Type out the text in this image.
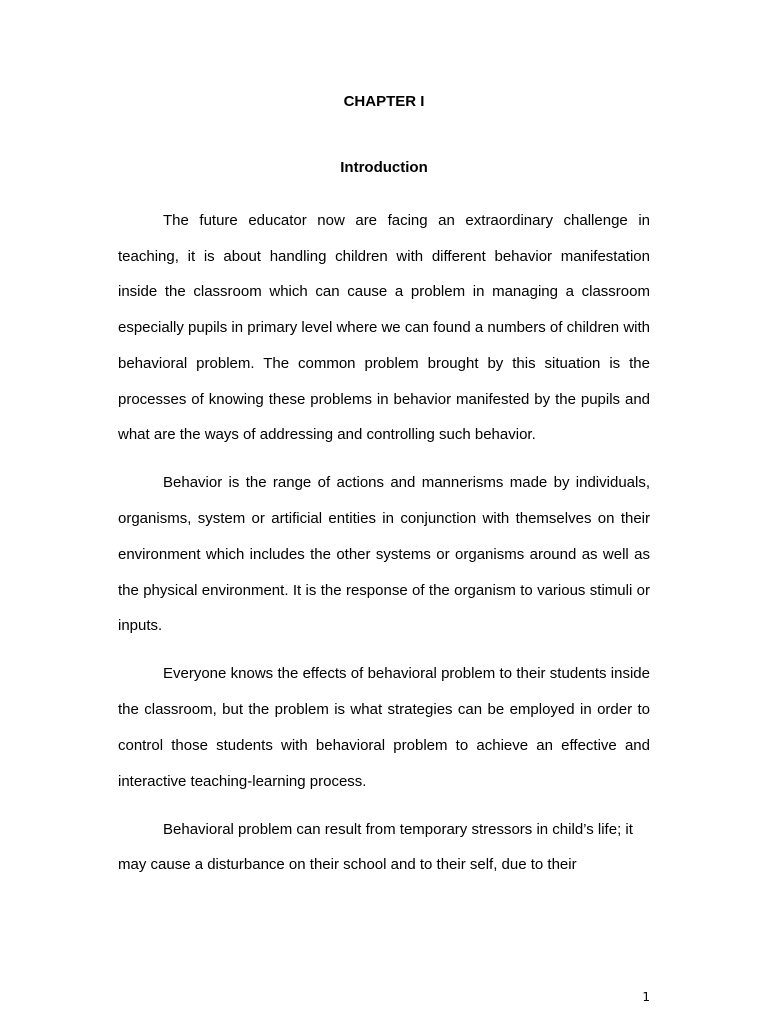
CHAPTER I
Introduction

The future educator now are facing an extraordinary challenge in teaching, it is about handling children with different behavior manifestation inside the classroom which can cause a problem in managing a classroom especially pupils in primary level where we can found a numbers of children with behavioral problem. The common problem brought by this situation is the processes of knowing these problems in behavior manifested by the pupils and what are the ways of addressing and controlling such behavior.

Behavior is the range of actions and mannerisms made by individuals, organisms, system or artificial entities in conjunction with themselves on their environment which includes the other systems or organisms around as well as the physical environment. It is the response of the organism to various stimuli or inputs.

Everyone knows the effects of behavioral problem to their students inside the classroom, but the problem is what strategies can be employed in order to control those students with behavioral problem to achieve an effective and interactive teaching-learning process.

Behavioral problem can result from temporary stressors in child’s life; it may cause a disturbance on their school and to their self, due to their

1
